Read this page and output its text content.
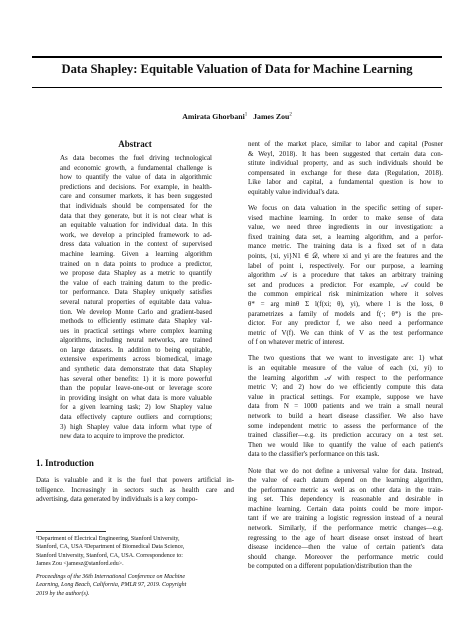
Data Shapley: Equitable Valuation of Data for Machine Learning
Amirata Ghorbani$^1$ James Zou$^2$
Abstract
As data becomes the fuel driving technological
and economic growth, a fundamental challenge is
how to quantify the value of data in algorithmic
predictions and decisions. For example, in health-
care and consumer markets, it has been suggested
that individuals should be compensated for the
data that they generate, but it is not clear what is
an equitable valuation for individual data. In this
work, we develop a principled framework to ad-
dress data valuation in the context of supervised
machine learning. Given a learning algorithm
trained on n data points to produce a predictor,
we propose data Shapley as a metric to quantify
the value of each training datum to the predic-
tor performance. Data Shapley uniquely satisfies
several natural properties of equitable data valua-
tion. We develop Monte Carlo and gradient-based
methods to efficiently estimate data Shapley val-
ues in practical settings where complex learning
algorithms, including neural networks, are trained
on large datasets. In addition to being equitable,
extensive experiments across biomedical, image
and synthetic data demonstrate that data Shapley
has several other benefits: 1) it is more powerful
than the popular leave-one-out or leverage score
in providing insight on what data is more valuable
for a given learning task; 2) low Shapley value
data effectively capture outliers and corruptions;
3) high Shapley value data inform what type of
new data to acquire to improve the predictor.
1. Introduction
Data is valuable and it is the fuel that powers artificial in-
telligence. Increasingly in sectors such as health care and
advertising, data generated by individuals is a key compo-
¹Department of Electrical Engineering, Stanford University,
Stanford, CA, USA ²Department of Biomedical Data Science,
Stanford University, Stanford, CA, USA. Correspondence to:
James Zou <jamesz@stanford.edu>.
Proceedings of the 36th International Conference on Machine
Learning, Long Beach, California, PMLR 97, 2019. Copyright
2019 by the author(s).
nent of the market place, similar to labor and capital (Posner
& Weyl, 2018). It has been suggested that certain data con-
stitute individual property, and as such individuals should be
compensated in exchange for these data (Regulation, 2018).
Like labor and capital, a fundamental question is how to
equitably value individual's data.
We focus on data valuation in the specific setting of super-
vised machine learning. In order to make sense of data
value, we need three ingredients in our investigation: a
fixed training data set, a learning algorithm, and a perfor-
mance metric. The training data is a fixed set of n data
points, {xi, yi}N1 ∈ 𝒟, where xi and yi are the features and the
label of point i, respectively. For our purpose, a learning
algorithm 𝒜 is a procedure that takes an arbitrary training
set and produces a predictor. For example, 𝒜 could be
the common empirical risk minimization where it solves
θ* = arg minθ Σ l(f(xi; θ), yi), where l is the loss, θ
parametrizes a family of models and f(·; θ*) is the pre-
dictor. For any predictor f, we also need a performance
metric of V(f). We can think of V as the test performance
of f on whatever metric of interest.
The two questions that we want to investigate are: 1) what
is an equitable measure of the value of each (xi, yi) to
the learning algorithm 𝒜 with respect to the performance
metric V; and 2) how do we efficiently compute this data
value in practical settings. For example, suppose we have
data from N = 1000 patients and we train a small neural
network to build a heart disease classifier. We also have
some independent metric to assess the performance of the
trained classifier—e.g. its prediction accuracy on a test set.
Then we would like to quantify the value of each patient's
data to the classifier's performance on this task.
Note that we do not define a universal value for data. Instead,
the value of each datum depend on the learning algorithm,
the performance metric as well as on other data in the train-
ing set. This dependency is reasonable and desirable in
machine learning. Certain data points could be more impor-
tant if we are training a logistic regression instead of a neural
network. Similarly, if the performance metric changes—e.g.
regressing to the age of heart disease onset instead of heart
disease incidence—then the value of certain patient's data
should change. Moreover the performance metric could
be computed on a different population/distribution than the
